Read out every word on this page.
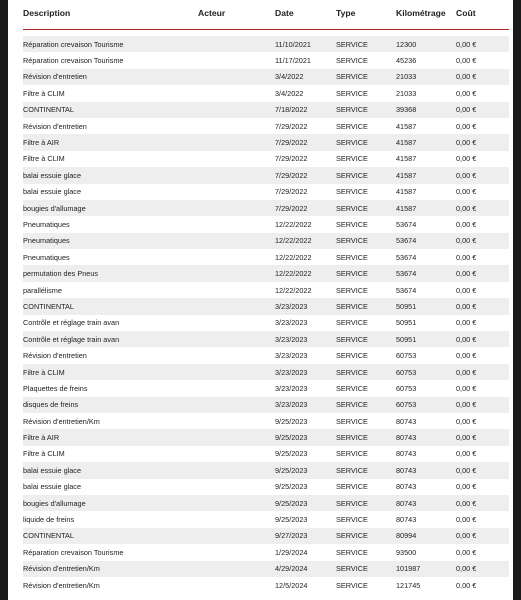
Description	Acteur	Date	Type	Kilométrage	Coût

Réparation crevaison Tourisme		11/10/2021	SERVICE	12300	0,00 €
Réparation crevaison Tourisme		11/17/2021	SERVICE	45236	0,00 €
Révision d'entretien		3/4/2022	SERVICE	21033	0,00 €
Filtre à CLIM		3/4/2022	SERVICE	21033	0,00 €
CONTINENTAL		7/18/2022	SERVICE	39368	0,00 €
Révision d'entretien		7/29/2022	SERVICE	41587	0,00 €
Filtre à AIR		7/29/2022	SERVICE	41587	0,00 €
Filtre à CLIM		7/29/2022	SERVICE	41587	0,00 €
balai essuie glace		7/29/2022	SERVICE	41587	0,00 €
balai essuie glace		7/29/2022	SERVICE	41587	0,00 €
bougies d'allumage		7/29/2022	SERVICE	41587	0,00 €
Pneumatiques		12/22/2022	SERVICE	53674	0,00 €
Pneumatiques		12/22/2022	SERVICE	53674	0,00 €
Pneumatiques		12/22/2022	SERVICE	53674	0,00 €
permutation des Pneus		12/22/2022	SERVICE	53674	0,00 €
parallélisme		12/22/2022	SERVICE	53674	0,00 €
CONTINENTAL		3/23/2023	SERVICE	50951	0,00 €
Contrôle et réglage train avan		3/23/2023	SERVICE	50951	0,00 €
Contrôle et réglage train avan		3/23/2023	SERVICE	50951	0,00 €
Révision d'entretien		3/23/2023	SERVICE	60753	0,00 €
Filtre à CLIM		3/23/2023	SERVICE	60753	0,00 €
Plaquettes de freins		3/23/2023	SERVICE	60753	0,00 €
disques de freins		3/23/2023	SERVICE	60753	0,00 €
Révision d'entretien/Km		9/25/2023	SERVICE	80743	0,00 €
Filtre à AIR		9/25/2023	SERVICE	80743	0,00 €
Filtre à CLIM		9/25/2023	SERVICE	80743	0,00 €
balai essuie glace		9/25/2023	SERVICE	80743	0,00 €
balai essuie glace		9/25/2023	SERVICE	80743	0,00 €
bougies d'allumage		9/25/2023	SERVICE	80743	0,00 €
liquide de freins		9/25/2023	SERVICE	80743	0,00 €
CONTINENTAL		9/27/2023	SERVICE	80994	0,00 €
Réparation crevaison Tourisme		1/29/2024	SERVICE	93500	0,00 €
Révision d'entretien/Km		4/29/2024	SERVICE	101987	0,00 €
Révision d'entretien/Km		12/5/2024	SERVICE	121745	0,00 €
